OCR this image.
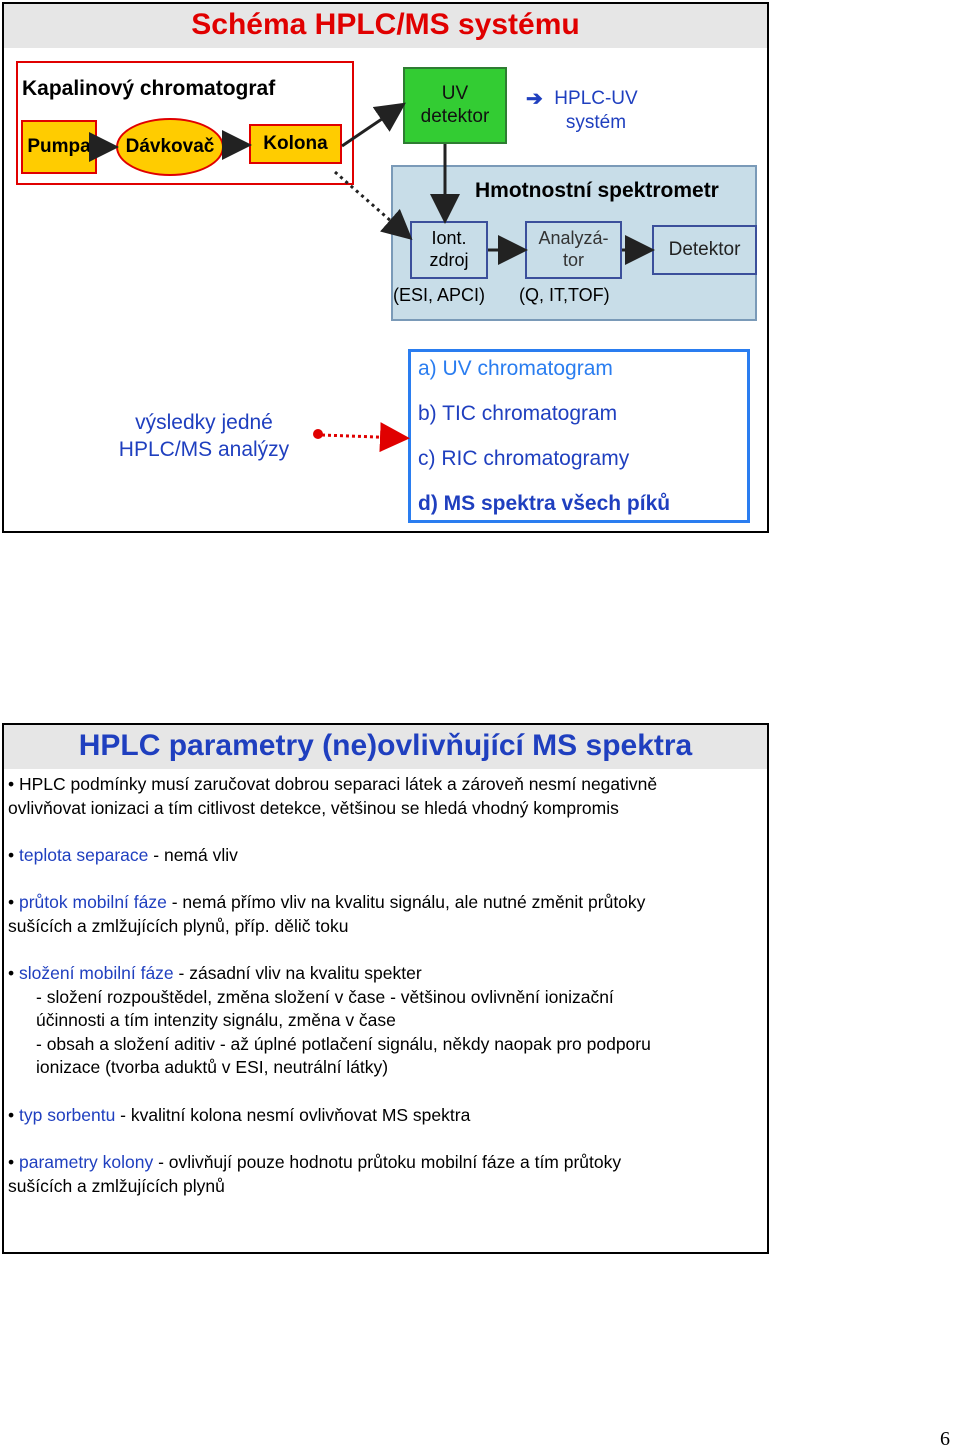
Schéma HPLC/MS systému
Kapalinový chromatograf
Pumpa	Dávkovač	Kolona
UV
detektor
➔ HPLC-UV
systém
Hmotnostní spektrometr
Iont.
zdroj
(ESI, APCI)
Analyzá-
tor
(Q, IT,TOF)
Detektor
výsledky jedné
HPLC/MS analýzy
a) UV chromatogram
b) TIC chromatogram
c) RIC chromatogramy
d) MS spektra všech píků
HPLC parametry (ne)ovlivňující MS spektra
• HPLC podmínky musí zaručovat dobrou separaci látek a zároveň nesmí negativně
ovlivňovat ionizaci a tím citlivost detekce, většinou se hledá vhodný kompromis
• teplota separace - nemá vliv
• průtok mobilní fáze - nemá přímo vliv na kvalitu signálu, ale nutné změnit průtoky
sušících a zmlžujících plynů, příp. dělič toku
• složení mobilní fáze - zásadní vliv na kvalitu spekter
- složení rozpouštědel, změna složení v čase - většinou ovlivnění ionizační
účinnosti a tím intenzity signálu, změna v čase
- obsah a složení aditiv - až úplné potlačení signálu, někdy naopak pro podporu
ionizace (tvorba aduktů v ESI, neutrální látky)
• typ sorbentu - kvalitní kolona nesmí ovlivňovat MS spektra
• parametry kolony - ovlivňují pouze hodnotu průtoku mobilní fáze a tím průtoky
sušících a zmlžujících plynů
6
